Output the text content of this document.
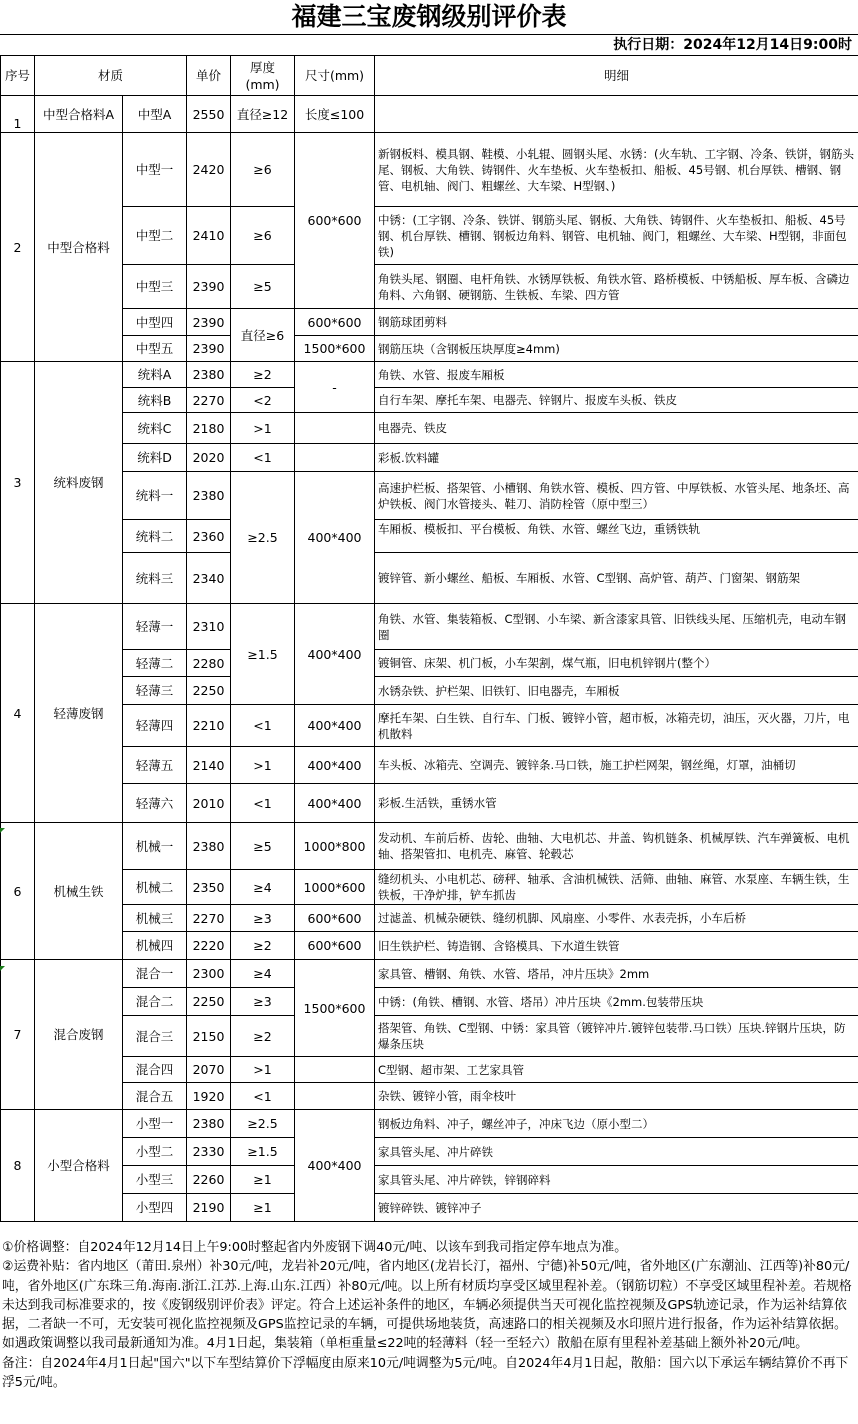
福建三宝废钢级别评价表
执行日期：2024年12月14日9:00时
序号	材质		单价	厚度(mm)	尺寸(mm)	明细
1	中型合格料A	中型A	2550	直径≥12	长度≤100	
2	中型合格料	中型一	2420	≥6	600*600	新钢板料、模具钢、鞋模、小轧辊、圆钢头尾、水锈：(火车轨、工字钢、冷条、铁饼，钢筋头尾、钢板、大角铁、铸钢件、火车垫板、火车垫板扣、船板、45号钢、机台厚铁、槽钢、钢管、电机轴、阀门、粗螺丝、大车梁、H型钢、)
		中型二	2410	≥6		中锈：(工字钢、冷条、铁饼、钢筋头尾、钢板、大角铁、铸钢件、火车垫板扣、船板、45号钢、机台厚铁、槽钢、钢板边角料、钢管、电机轴、阀门，粗螺丝、大车梁、H型钢，非面包铁)
		中型三	2390	≥5		角铁头尾、钢圈、电杆角铁、水锈厚铁板、角铁水管、路桥模板、中锈船板、厚车板、含磷边角料、六角钢、硬钢筋、生铁板、车梁、四方管
		中型四	2390	直径≥6	600*600	钢筋球团剪料
		中型五	2390		1500*600	钢筋压块（含钢板压块厚度≥4mm)
3	统料废钢	统料A	2380	≥2	-	角铁、水管、报废车厢板
		统料B	2270	<2		自行车架、摩托车架、电器壳、锌钢片、报废车头板、铁皮
		统料C	2180	>1		电器壳、铁皮
		统料D	2020	<1		彩板.饮料罐
		统料一	2380	≥2.5	400*400	高速护栏板、搭架管、小槽钢、角铁水管、模板、四方管、中厚铁板、水管头尾、地条坯、高炉铁板、阀门水管接头、鞋刀、消防栓管（原中型三）
		统料二	2360			车厢板、模板扣、平台模板、角铁、水管、螺丝飞边，重锈铁轨
		统料三	2340			镀锌管、新小螺丝、船板、车厢板、水管、C型钢、高炉管、葫芦、门窗架、钢筋架
4	轻薄废钢	轻薄一	2310	≥1.5	400*400	角铁、水管、集装箱板、C型钢、小车梁、新含漆家具管、旧铁线头尾、压缩机壳，电动车钢圈
		轻薄二	2280			镀铜管、床架、机门板，小车架割，煤气瓶，旧电机锌钢片(整个）
		轻薄三	2250			水锈杂铁、护栏架、旧铁钉、旧电器壳，车厢板
		轻薄四	2210	<1	400*400	摩托车架、白生铁、自行车、门板、镀锌小管，超市板，冰箱壳切，油压，灭火器，刀片，电机散料
		轻薄五	2140	>1	400*400	车头板、冰箱壳、空调壳、镀锌条.马口铁，施工护栏网架，钢丝绳，灯罩，油桶切
		轻薄六	2010	<1	400*400	彩板.生活铁，重锈水管
6	机械生铁	机械一	2380	≥5	1000*800	发动机、车前后桥、齿轮、曲轴、大电机芯、井盖、钩机链条、机械厚铁、汽车弹簧板、电机轴、搭架管扣、电机壳、麻管、轮毂芯
		机械二	2350	≥4	1000*600	缝纫机头、小电机芯、磅秤、轴承、含油机械铁、活筛、曲轴、麻管、水泵座、车辆生铁，生铁板，干净炉排，铲车抓齿
		机械三	2270	≥3	600*600	过滤盖、机械杂硬铁、缝纫机脚、风扇座、小零件、水表壳拆，小车后桥
		机械四	2220	≥2	600*600	旧生铁护栏、铸造钢、含铬模具、下水道生铁管
7	混合废钢	混合一	2300	≥4	1500*600	家具管、槽钢、角铁、水管、塔吊，冲片压块》2mm
		混合二	2250	≥3		中锈：(角铁、槽钢、水管、塔吊）冲片压块《2mm.包装带压块
		混合三	2150	≥2		搭架管、角铁、C型钢、中锈：家具管（镀锌冲片.镀锌包装带.马口铁）压块.锌钢片压块，防爆条压块
		混合四	2070	>1		C型钢、超市架、工艺家具管
		混合五	1920	<1		杂铁、镀锌小管，雨伞枝叶
8	小型合格料	小型一	2380	≥2.5	400*400	钢板边角料、冲子，螺丝冲子，冲床飞边（原小型二）
		小型二	2330	≥1.5		家具管头尾、冲片碎铁
		小型三	2260	≥1		家具管头尾、冲片碎铁，锌钢碎料
		小型四	2190	≥1		镀锌碎铁、镀锌冲子

①价格调整：自2024年12月14日上午9:00时整起省内外废钢下调40元/吨、以该车到我司指定停车地点为准。

②运费补贴：省内地区（莆田.泉州）补30元/吨，龙岩补20元/吨，省内地区(龙岩长汀，福州、宁德)补50元/吨，省外地区(广东潮汕、江西等)补80元/吨，省外地区(广东珠三角.海南.浙江.江苏.上海.山东.江西）补80元/吨。以上所有材质均享受区域里程补差。（钢筋切粒）不享受区域里程补差。若规格未达到我司标准要求的，按《废钢级别评价表》评定。符合上述运补条件的地区，车辆必须提供当天可视化监控视频及GPS轨迹记录，作为运补结算依据，二者缺一不可，无安装可视化监控视频及GPS监控记录的车辆，可提供场地装货，高速路口的相关视频及水印照片进行报备，作为运补结算依据。如遇政策调整以我司最新通知为准。4月1日起，集装箱（单柜重量≤22吨的轻薄料（轻一至轻六）散船在原有里程补差基础上额外补20元/吨。

备注：自2024年4月1日起"国六"以下车型结算价下浮幅度由原来10元/吨调整为5元/吨。自2024年4月1日起，散船：国六以下承运车辆结算价不再下浮5元/吨。
